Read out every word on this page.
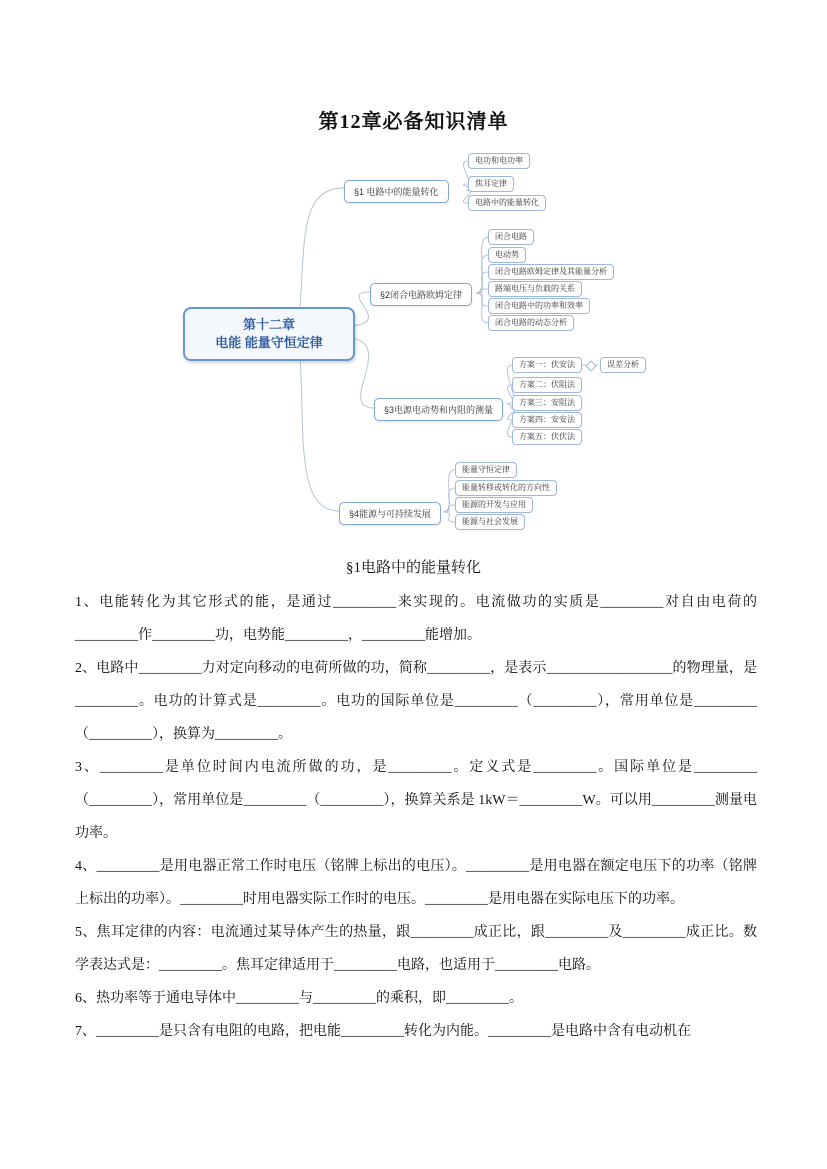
第12章必备知识清单
第十二章
电能 能量守恒定律
§1 电路中的能量转化
§2闭合电路欧姆定律
§3电源电动势和内阻的测量
§4能源与可持续发展
电功和电功率
焦耳定律
电路中的能量转化
闭合电路
电动势
闭合电路欧姆定律及其能量分析
路端电压与负载的关系
闭合电路中的功率和效率
闭合电路的动态分析
方案一：伏安法	误差分析
方案二：伏阻法
方案三：安阻法
方案四：安安法
方案五：伏伏法
能量守恒定律
能量转移或转化的方向性
能源的开发与应用
能源与社会发展
§1电路中的能量转化

1、电能转化为其它形式的能，是通过_________来实现的。电流做功的实质是_________对自由电荷的_________作_________功，电势能_________，_________能增加。

2、电路中_________力对定向移动的电荷所做的功，简称_________，是表示__________________的物理量，是_________。电功的计算式是_________。电功的国际单位是_________（_________），常用单位是_________（_________），换算为_________。

3、_________是单位时间内电流所做的功，是_________。定义式是_________。国际单位是_________（_________），常用单位是_________（_________），换算关系是 1kW＝_________W。可以用_________测量电功率。

4、_________是用电器正常工作时电压（铭牌上标出的电压）。_________是用电器在额定电压下的功率（铭牌上标出的功率）。_________时用电器实际工作时的电压。_________是用电器在实际电压下的功率。

5、焦耳定律的内容：电流通过某导体产生的热量，跟_________成正比，跟_________及_________成正比。数学表达式是：_________。焦耳定律适用于_________电路，也适用于_________电路。

6、热功率等于通电导体中_________与_________的乘积，即_________。

7、_________是只含有电阻的电路，把电能_________转化为内能。_________是电路中含有电动机在
